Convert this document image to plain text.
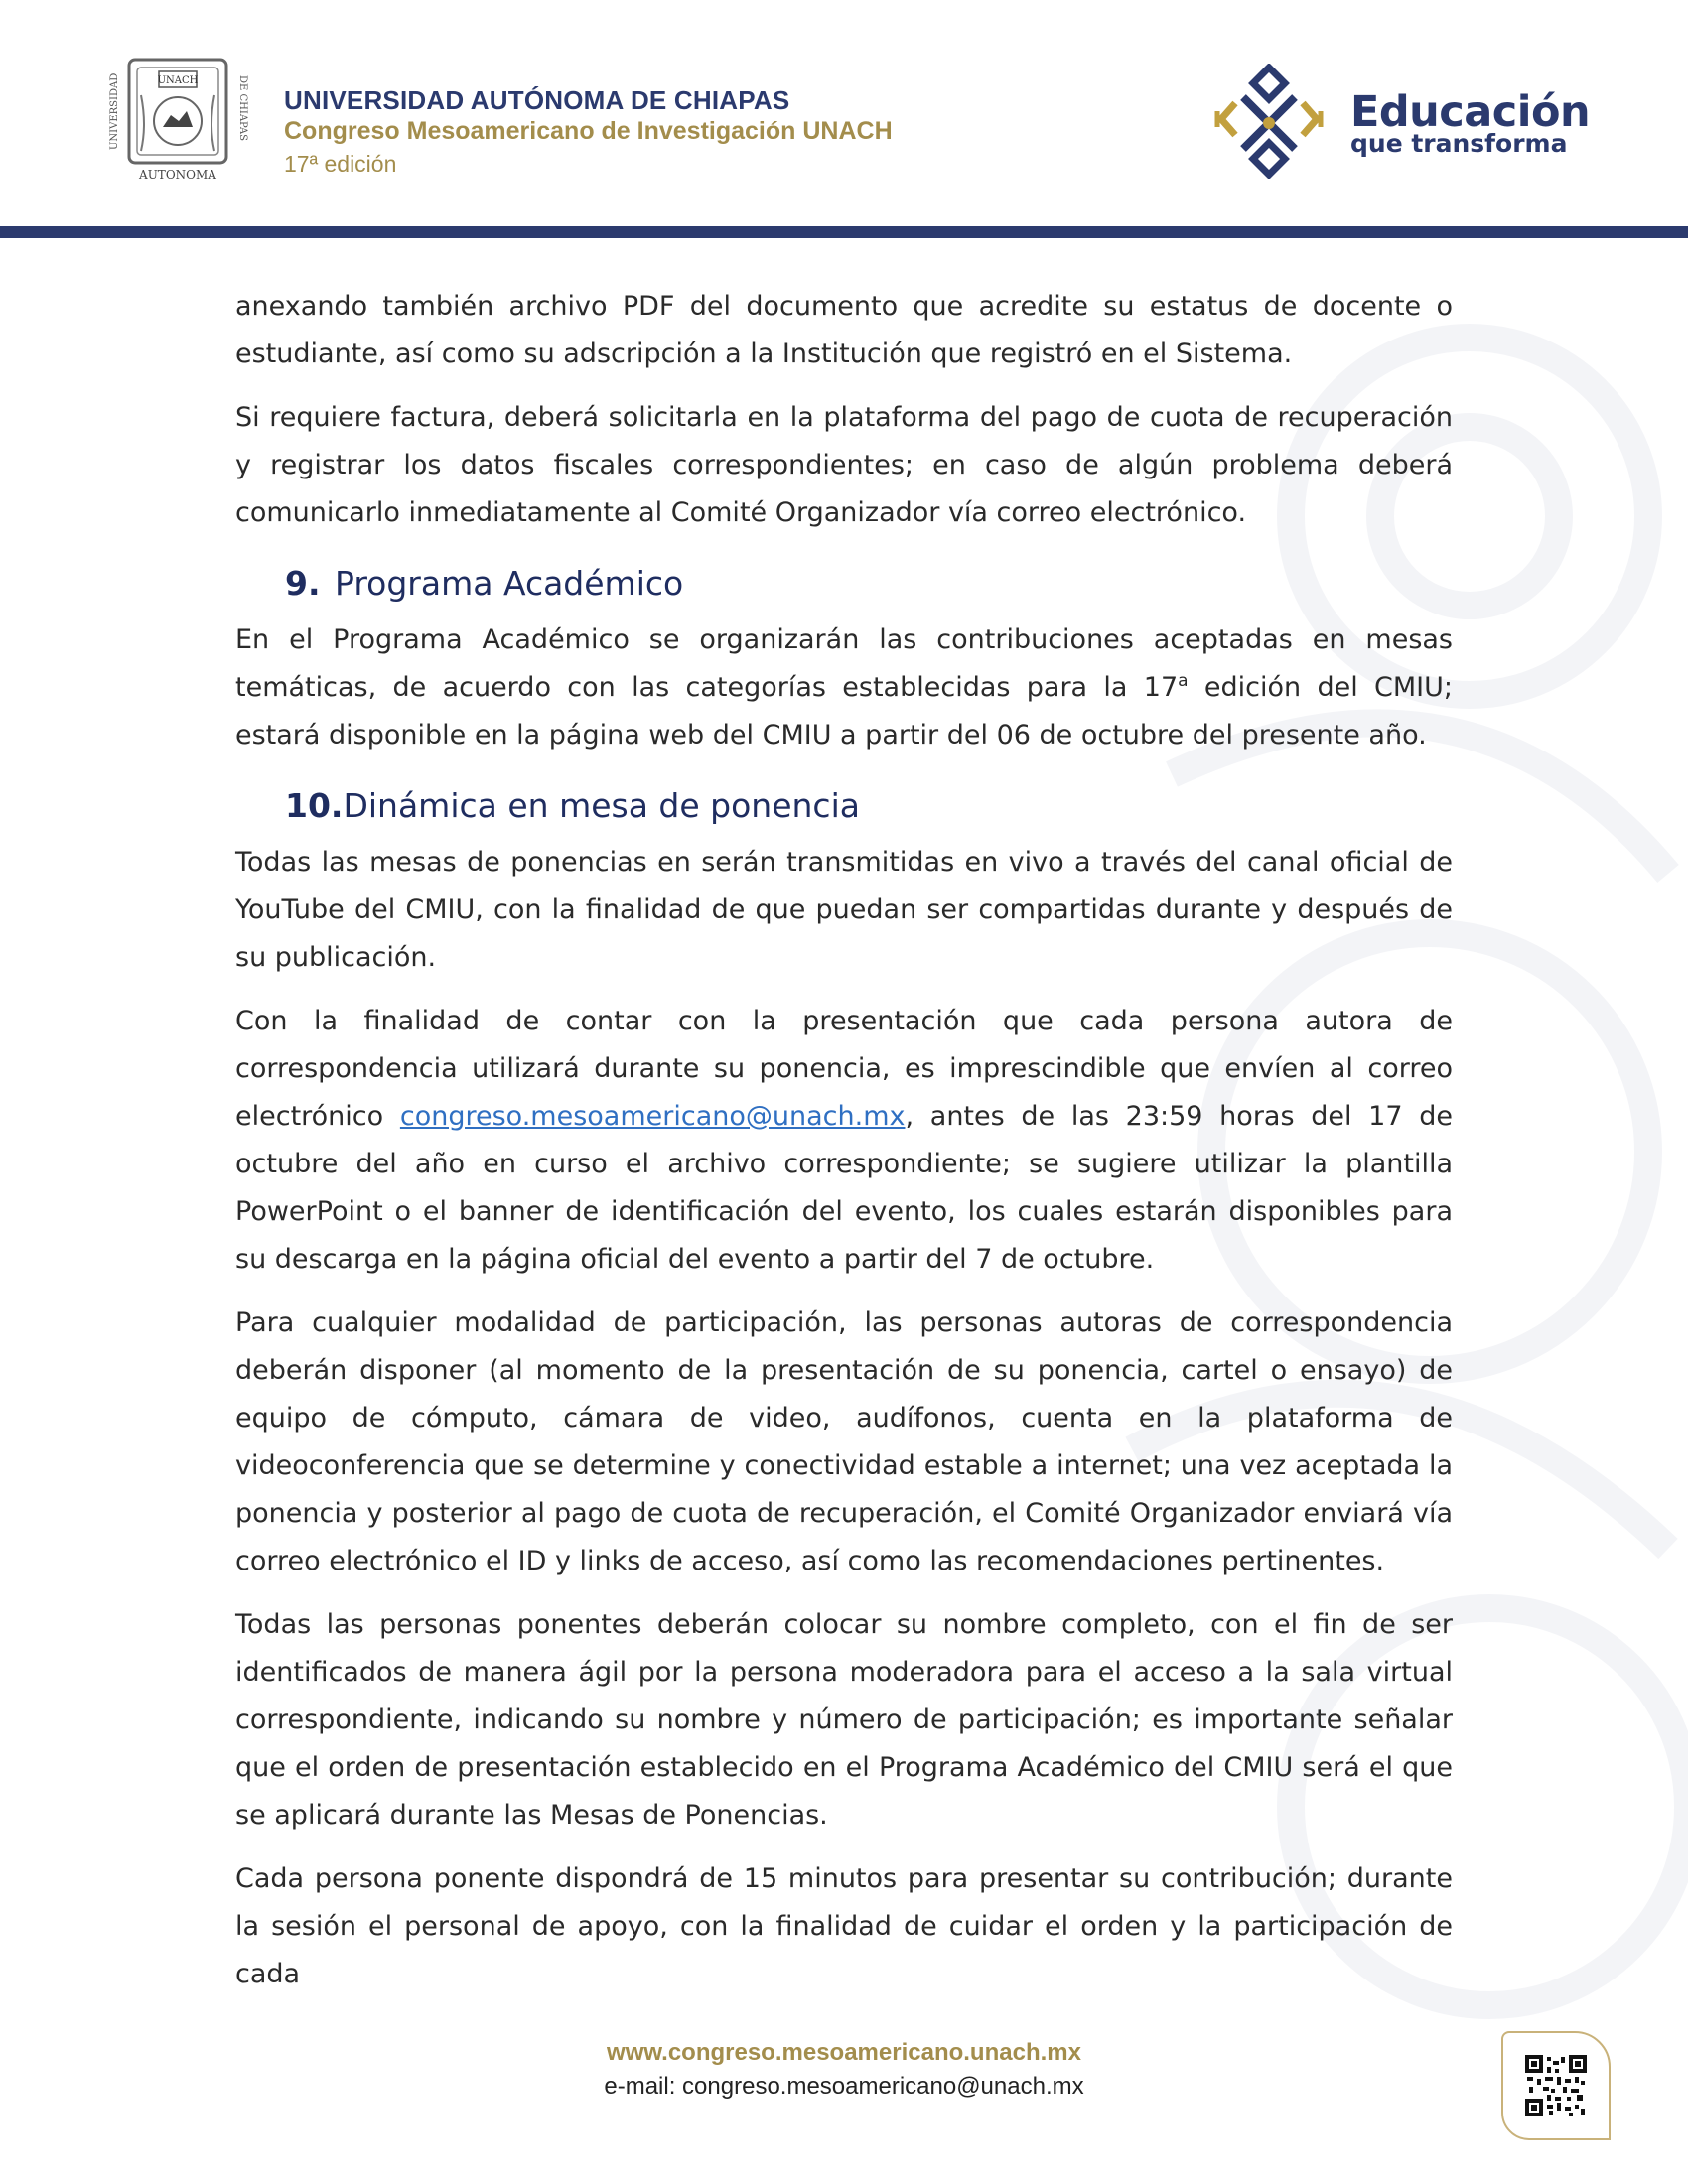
UNIVERSIDAD	DE CHIAPAS
UNACH
AUTONOMA
UNIVERSIDAD AUTÓNOMA DE CHIAPAS
Congreso Mesoamericano de Investigación UNACH
17ª edición
Educación
que transforma

anexando también archivo PDF del documento que acredite su estatus de docente o estudiante, así como su adscripción a la Institución que registró en el Sistema.

Si requiere factura, deberá solicitarla en la plataforma del pago de cuota de recuperación y registrar los datos fiscales correspondientes; en caso de algún problema deberá comunicarlo inmediatamente al Comité Organizador vía correo electrónico.

9. Programa Académico

En el Programa Académico se organizarán las contribuciones aceptadas en mesas temáticas, de acuerdo con las categorías establecidas para la 17$^a$ edición del CMIU; estará disponible en la página web del CMIU a partir del 06 de octubre del presente año.

10.Dinámica en mesa de ponencia

Todas las mesas de ponencias en serán transmitidas en vivo a través del canal oficial de YouTube del CMIU, con la finalidad de que puedan ser compartidas durante y después de su publicación.

Con la finalidad de contar con la presentación que cada persona autora de correspondencia utilizará durante su ponencia, es imprescindible que envíen al correo electrónico congreso.mesoamericano@unach.mx, antes de las 23:59 horas del 17 de octubre del año en curso el archivo correspondiente; se sugiere utilizar la plantilla PowerPoint o el banner de identificación del evento, los cuales estarán disponibles para su descarga en la página oficial del evento a partir del 7 de octubre.

Para cualquier modalidad de participación, las personas autoras de correspondencia deberán disponer (al momento de la presentación de su ponencia, cartel o ensayo) de equipo de cómputo, cámara de video, audífonos, cuenta en la plataforma de videoconferencia que se determine y conectividad estable a internet; una vez aceptada la ponencia y posterior al pago de cuota de recuperación, el Comité Organizador enviará vía correo electrónico el ID y links de acceso, así como las recomendaciones pertinentes.

Todas las personas ponentes deberán colocar su nombre completo, con el fin de ser identificados de manera ágil por la persona moderadora para el acceso a la sala virtual correspondiente, indicando su nombre y número de participación; es importante señalar que el orden de presentación establecido en el Programa Académico del CMIU será el que se aplicará durante las Mesas de Ponencias.

Cada persona ponente dispondrá de 15 minutos para presentar su contribución; durante la sesión el personal de apoyo, con la finalidad de cuidar el orden y la participación de cada

www.congreso.mesoamericano.unach.mx
e-mail: congreso.mesoamericano@unach.mx
